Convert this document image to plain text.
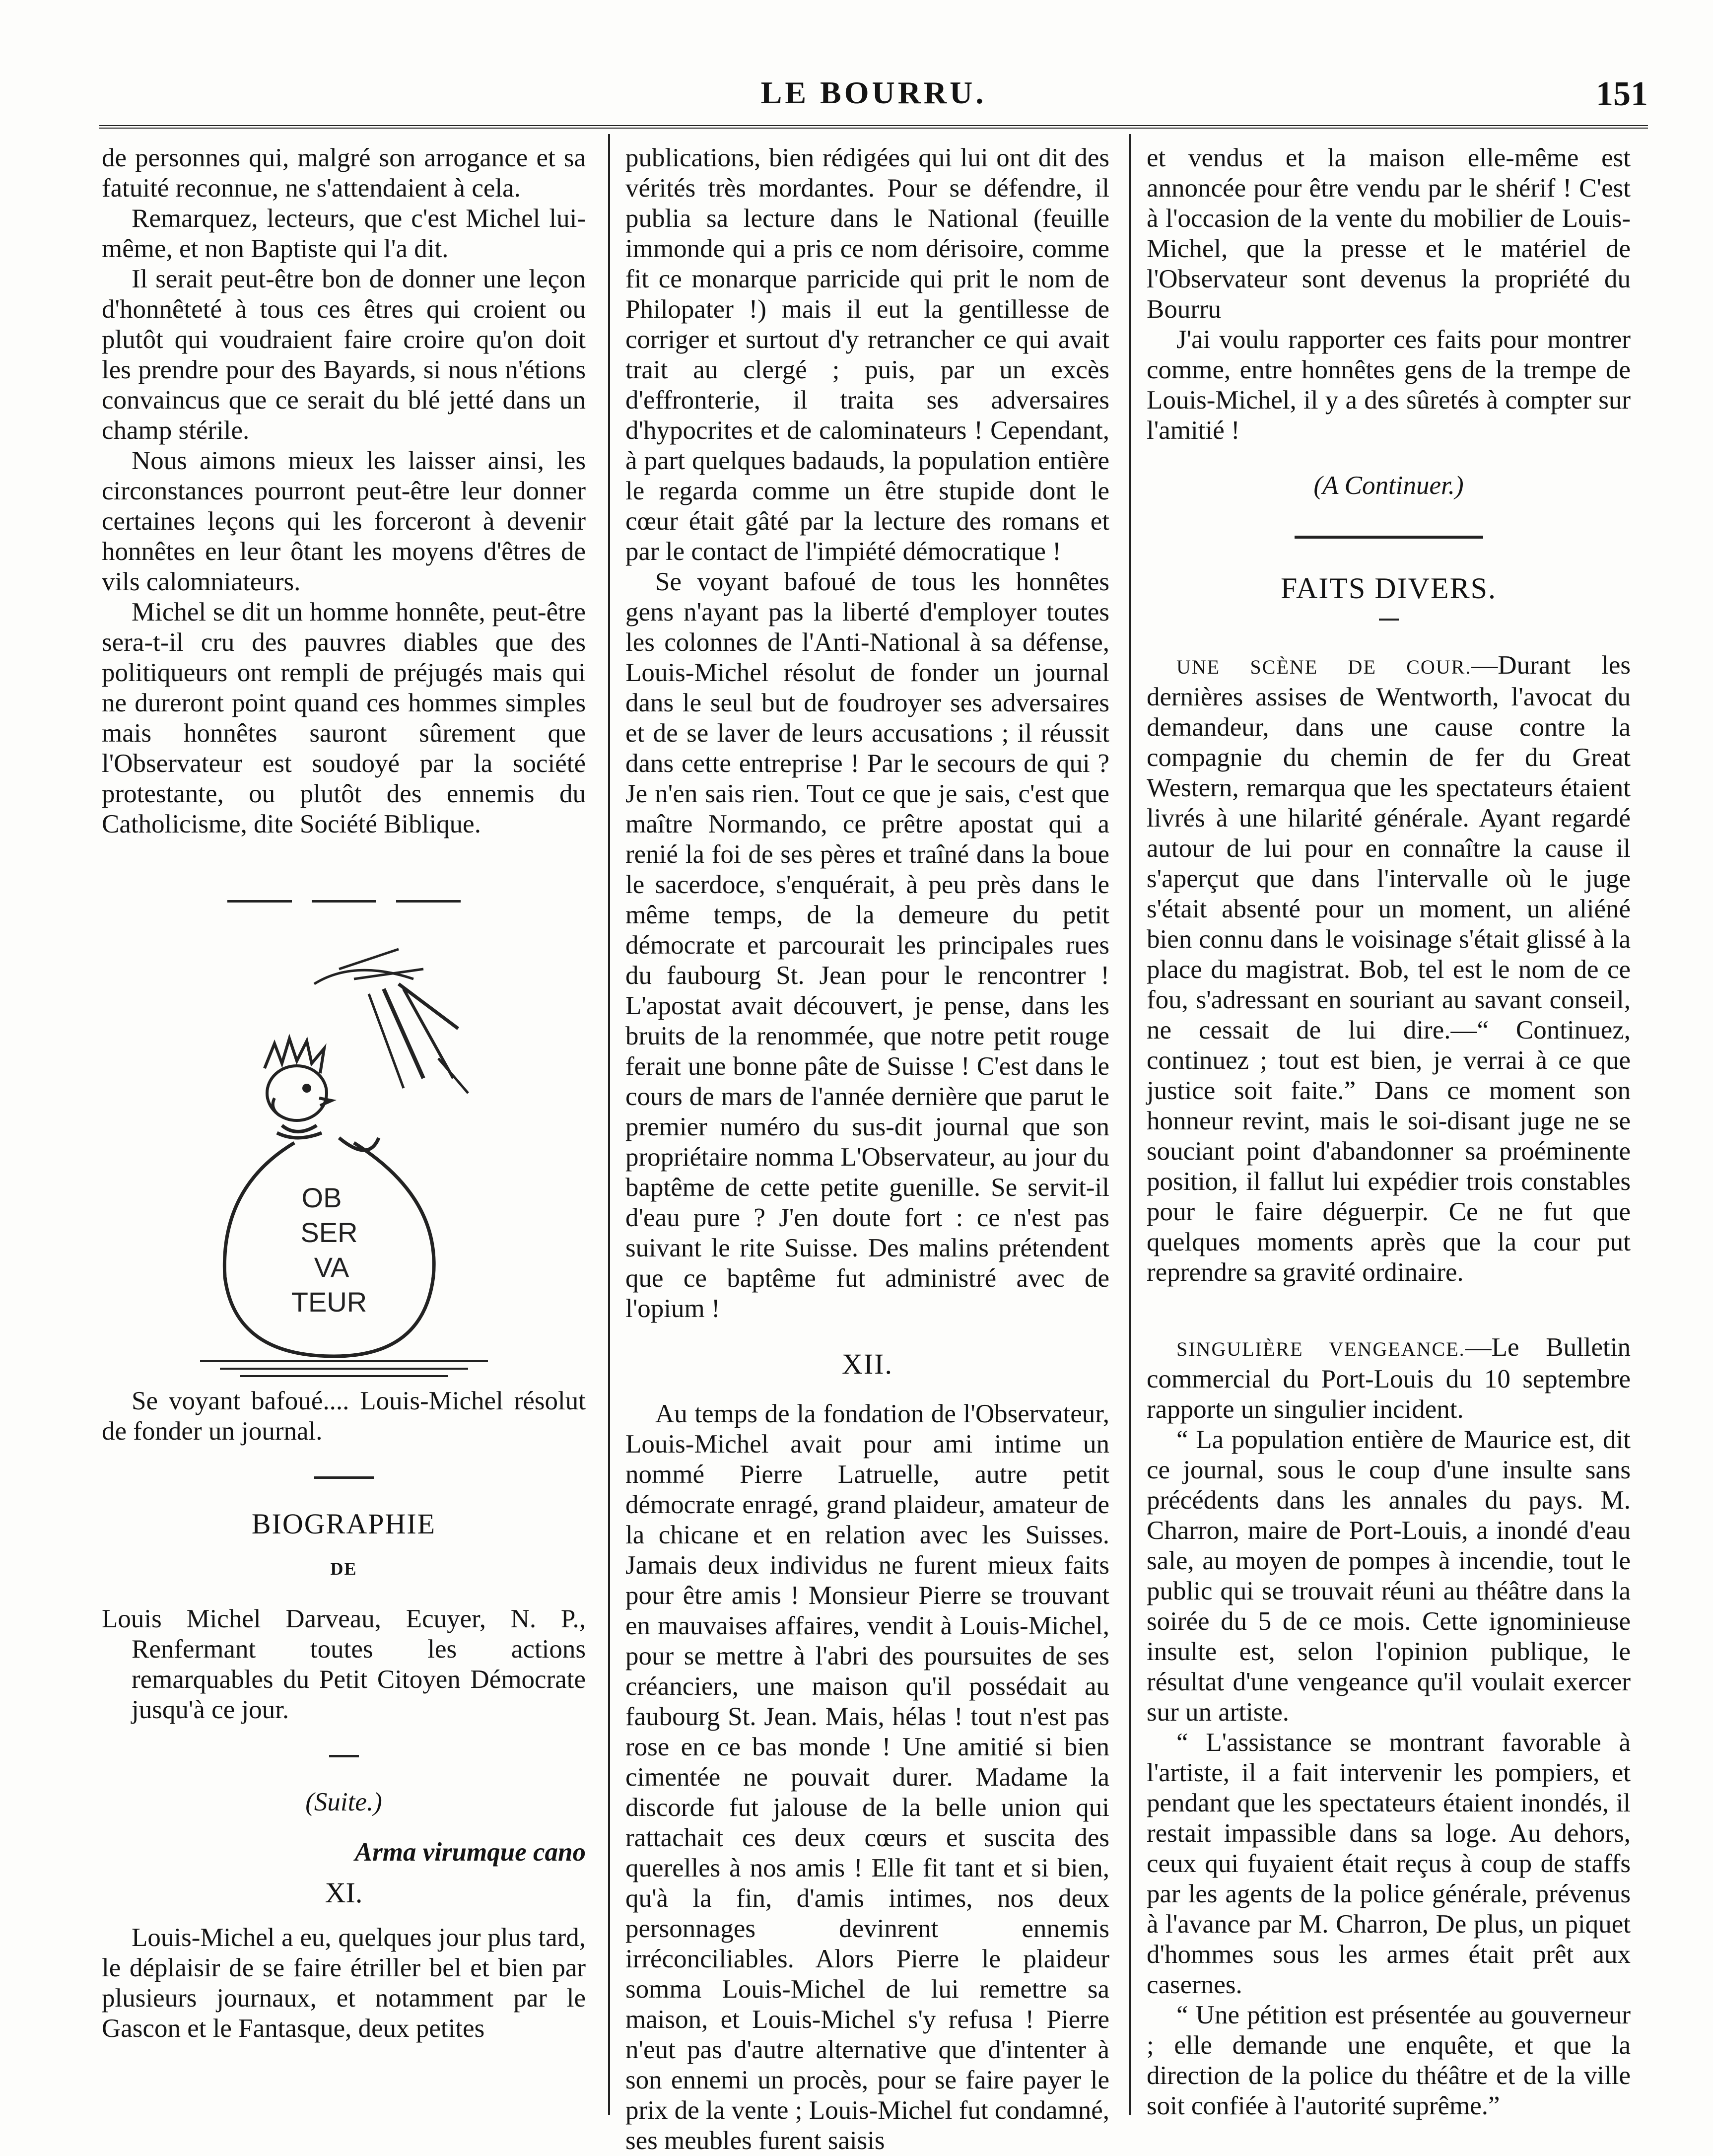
LE BOURRU.	151

de personnes qui, malgré son arrogance et sa fatuité reconnue, ne s'attendaient à cela.

Remarquez, lecteurs, que c'est Michel lui-même, et non Baptiste qui l'a dit.

Il serait peut-être bon de donner une leçon d'honnêteté à tous ces êtres qui croient ou plutôt qui voudraient faire croire qu'on doit les prendre pour des Bayards, si nous n'étions convaincus que ce serait du blé jetté dans un champ stérile.

Nous aimons mieux les laisser ainsi, les circonstances pourront peut-être leur donner certaines leçons qui les forceront à devenir honnêtes en leur ôtant les moyens d'êtres de vils calomniateurs.

Michel se dit un homme honnête, peut-être sera-t-il cru des pauvres diables que des politiqueurs ont rempli de préjugés mais qui ne dureront point quand ces hommes simples mais honnêtes sauront sûrement que l'Observateur est soudoyé par la société protestante, ou plutôt des ennemis du Catholicisme, dite Société Biblique.

OB
SER
VA
TEUR

Se voyant bafoué.... Louis-Michel résolut de fonder un journal.

BIOGRAPHIE
DE

Louis Michel Darveau, Ecuyer, N. P., Renfermant toutes les actions remarquables du Petit Citoyen Démocrate jusqu'à ce jour.

(Suite.)

Arma virumque cano

XI.

Louis-Michel a eu, quelques jour plus tard, le déplaisir de se faire étriller bel et bien par plusieurs journaux, et notamment par le Gascon et le Fantasque, deux petites

publications, bien rédigées qui lui ont dit des vérités très mordantes. Pour se défendre, il publia sa lecture dans le National (feuille immonde qui a pris ce nom dérisoire, comme fit ce monarque parricide qui prit le nom de Philopater !) mais il eut la gentillesse de corriger et surtout d'y retrancher ce qui avait trait au clergé ; puis, par un excès d'effronterie, il traita ses adversaires d'hypocrites et de calominateurs ! Cependant, à part quelques badauds, la population entière le regarda comme un être stupide dont le cœur était gâté par la lecture des romans et par le contact de l'impiété démocratique !

Se voyant bafoué de tous les honnêtes gens n'ayant pas la liberté d'employer toutes les colonnes de l'Anti-National à sa défense, Louis-Michel résolut de fonder un journal dans le seul but de foudroyer ses adversaires et de se laver de leurs accusations ; il réussit dans cette entreprise ! Par le secours de qui ? Je n'en sais rien. Tout ce que je sais, c'est que maître Normando, ce prêtre apostat qui a renié la foi de ses pères et traîné dans la boue le sacerdoce, s'enquérait, à peu près dans le même temps, de la demeure du petit démocrate et parcourait les principales rues du faubourg St. Jean pour le rencontrer ! L'apostat avait découvert, je pense, dans les bruits de la renommée, que notre petit rouge ferait une bonne pâte de Suisse ! C'est dans le cours de mars de l'année dernière que parut le premier numéro du sus-dit journal que son propriétaire nomma L'Observateur, au jour du baptême de cette petite guenille. Se servit-il d'eau pure ? J'en doute fort : ce n'est pas suivant le rite Suisse. Des malins prétendent que ce baptême fut administré avec de l'opium !

XII.

Au temps de la fondation de l'Observateur, Louis-Michel avait pour ami intime un nommé Pierre Latruelle, autre petit démocrate enragé, grand plaideur, amateur de la chicane et en relation avec les Suisses. Jamais deux individus ne furent mieux faits pour être amis ! Monsieur Pierre se trouvant en mauvaises affaires, vendit à Louis-Michel, pour se mettre à l'abri des poursuites de ses créanciers, une maison qu'il possédait au faubourg St. Jean. Mais, hélas ! tout n'est pas rose en ce bas monde ! Une amitié si bien cimentée ne pouvait durer. Madame la discorde fut jalouse de la belle union qui rattachait ces deux cœurs et suscita des querelles à nos amis ! Elle fit tant et si bien, qu'à la fin, d'amis intimes, nos deux personnages devinrent ennemis irréconciliables. Alors Pierre le plaideur somma Louis-Michel de lui remettre sa maison, et Louis-Michel s'y refusa ! Pierre n'eut pas d'autre alternative que d'intenter à son ennemi un procès, pour se faire payer le prix de la vente ; Louis-Michel fut condamné, ses meubles furent saisis

et vendus et la maison elle-même est annoncée pour être vendu par le shérif ! C'est à l'occasion de la vente du mobilier de Louis-Michel, que la presse et le matériel de l'Observateur sont devenus la propriété du Bourru

J'ai voulu rapporter ces faits pour montrer comme, entre honnêtes gens de la trempe de Louis-Michel, il y a des sûretés à compter sur l'amitié !

(A Continuer.)

FAITS DIVERS.

UNE SCÈNE DE COUR.—Durant les dernières assises de Wentworth, l'avocat du demandeur, dans une cause contre la compagnie du chemin de fer du Great Western, remarqua que les spectateurs étaient livrés à une hilarité générale. Ayant regardé autour de lui pour en connaître la cause il s'aperçut que dans l'intervalle où le juge s'était absenté pour un moment, un aliéné bien connu dans le voisinage s'était glissé à la place du magistrat. Bob, tel est le nom de ce fou, s'adressant en souriant au savant conseil, ne cessait de lui dire.—“ Continuez, continuez ; tout est bien, je verrai à ce que justice soit faite.” Dans ce moment son honneur revint, mais le soi-disant juge ne se souciant point d'abandonner sa proéminente position, il fallut lui expédier trois constables pour le faire déguerpir. Ce ne fut que quelques moments après que la cour put reprendre sa gravité ordinaire.

SINGULIÈRE VENGEANCE.—Le Bulletin commercial du Port-Louis du 10 septembre rapporte un singulier incident.

“ La population entière de Maurice est, dit ce journal, sous le coup d'une insulte sans précédents dans les annales du pays. M. Charron, maire de Port-Louis, a inondé d'eau sale, au moyen de pompes à incendie, tout le public qui se trouvait réuni au théâtre dans la soirée du 5 de ce mois. Cette ignominieuse insulte est, selon l'opinion publique, le résultat d'une vengeance qu'il voulait exercer sur un artiste.

“ L'assistance se montrant favorable à l'artiste, il a fait intervenir les pompiers, et pendant que les spectateurs étaient inondés, il restait impassible dans sa loge. Au dehors, ceux qui fuyaient était reçus à coup de staffs par les agents de la police générale, prévenus à l'avance par M. Charron, De plus, un piquet d'hommes sous les armes était prêt aux casernes.

“ Une pétition est présentée au gouverneur ; elle demande une enquête, et que la direction de la police du théâtre et de la ville soit confiée à l'autorité suprême.”
